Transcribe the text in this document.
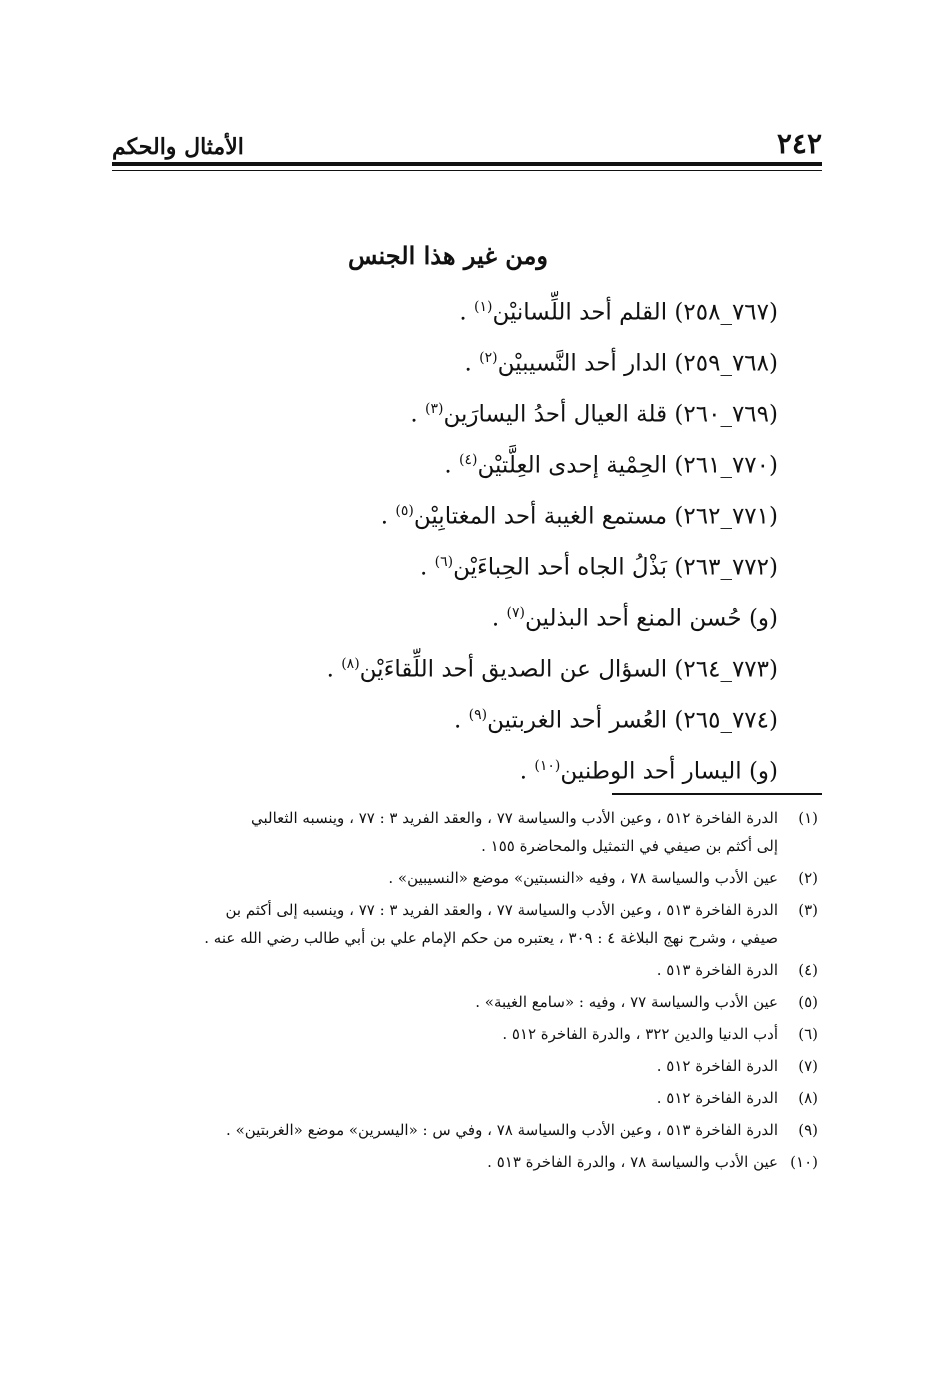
٢٤٢
الأمثال والحكم
ومن غير هذا الجنس
(٧٦٧_٢٥٨) القلم أحد اللِّسانيْن$^{(١)}$ .
(٧٦٨_٢٥٩) الدار أحد النَّسيبيْن$^{(٢)}$ .
(٧٦٩_٢٦٠) قلة العيال أحدُ اليسارَين$^{(٣)}$ .
(٧٧٠_٢٦١) الحِمْية إحدى العِلَّتيْن$^{(٤)}$ .
(٧٧١_٢٦٢) مستمع الغيبة أحد المغتابِيْن$^{(٥)}$ .
(٧٧٢_٢٦٣) بَذْلُ الجاه أحد الحِباءَيْن$^{(٦)}$ .
(و) حُسن المنع أحد البذلين$^{(٧)}$ .
(٧٧٣_٢٦٤) السؤال عن الصديق أحد اللِّقاءَيْن$^{(٨)}$ .
(٧٧٤_٢٦٥) العُسر أحد الغربتين$^{(٩)}$ .
(و) اليسار أحد الوطنين$^{(١٠)}$ .
(١)
الدرة الفاخرة ٥١٢ ، وعين الأدب والسياسة ٧٧ ، والعقد الفريد ٣ : ٧٧ ، وينسبه الثعالبي
إلى أكثم بن صيفي في التمثيل والمحاضرة ١٥٥ .
(٢)
عين الأدب والسياسة ٧٨ ، وفيه «النسبتين» موضع «النسيبين» .
(٣)
الدرة الفاخرة ٥١٣ ، وعين الأدب والسياسة ٧٧ ، والعقد الفريد ٣ : ٧٧ ، وينسبه إلى أكثم بن
صيفي ، وشرح نهج البلاغة ٤ : ٣٠٩ ، يعتبره من حكم الإمام علي بن أبي طالب رضي الله عنه .
(٤)
الدرة الفاخرة ٥١٣ .
(٥)
عين الأدب والسياسة ٧٧ ، وفيه : «سامع الغيبة» .
(٦)
أدب الدنيا والدين ٣٢٢ ، والدرة الفاخرة ٥١٢ .
(٧)
الدرة الفاخرة ٥١٢ .
(٨)
الدرة الفاخرة ٥١٢ .
(٩)
الدرة الفاخرة ٥١٣ ، وعين الأدب والسياسة ٧٨ ، وفي س : «اليسرين» موضع «الغربتين» .
(١٠)
عين الأدب والسياسة ٧٨ ، والدرة الفاخرة ٥١٣ .
